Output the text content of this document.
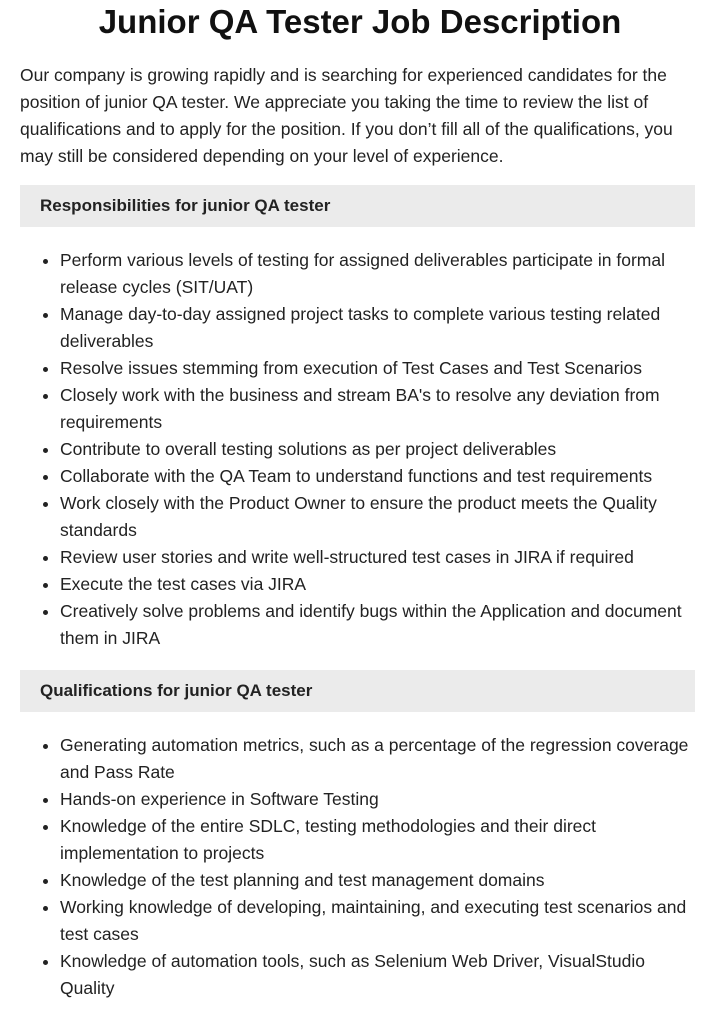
Junior QA Tester Job Description

Our company is growing rapidly and is searching for experienced candidates for the position of junior QA tester. We appreciate you taking the time to review the list of qualifications and to apply for the position. If you don’t fill all of the qualifications, you may still be considered depending on your level of experience.

Responsibilities for junior QA tester
• Perform various levels of testing for assigned deliverables participate in formal release cycles (SIT/UAT)
• Manage day-to-day assigned project tasks to complete various testing related deliverables
• Resolve issues stemming from execution of Test Cases and Test Scenarios
• Closely work with the business and stream BA's to resolve any deviation from requirements
• Contribute to overall testing solutions as per project deliverables
• Collaborate with the QA Team to understand functions and test requirements
• Work closely with the Product Owner to ensure the product meets the Quality standards
• Review user stories and write well-structured test cases in JIRA if required
• Execute the test cases via JIRA
• Creatively solve problems and identify bugs within the Application and document them in JIRA
Qualifications for junior QA tester
• Generating automation metrics, such as a percentage of the regression coverage and Pass Rate
• Hands-on experience in Software Testing
• Knowledge of the entire SDLC, testing methodologies and their direct implementation to projects
• Knowledge of the test planning and test management domains
• Working knowledge of developing, maintaining, and executing test scenarios and test cases
• Knowledge of automation tools, such as Selenium Web Driver, VisualStudio Quality
